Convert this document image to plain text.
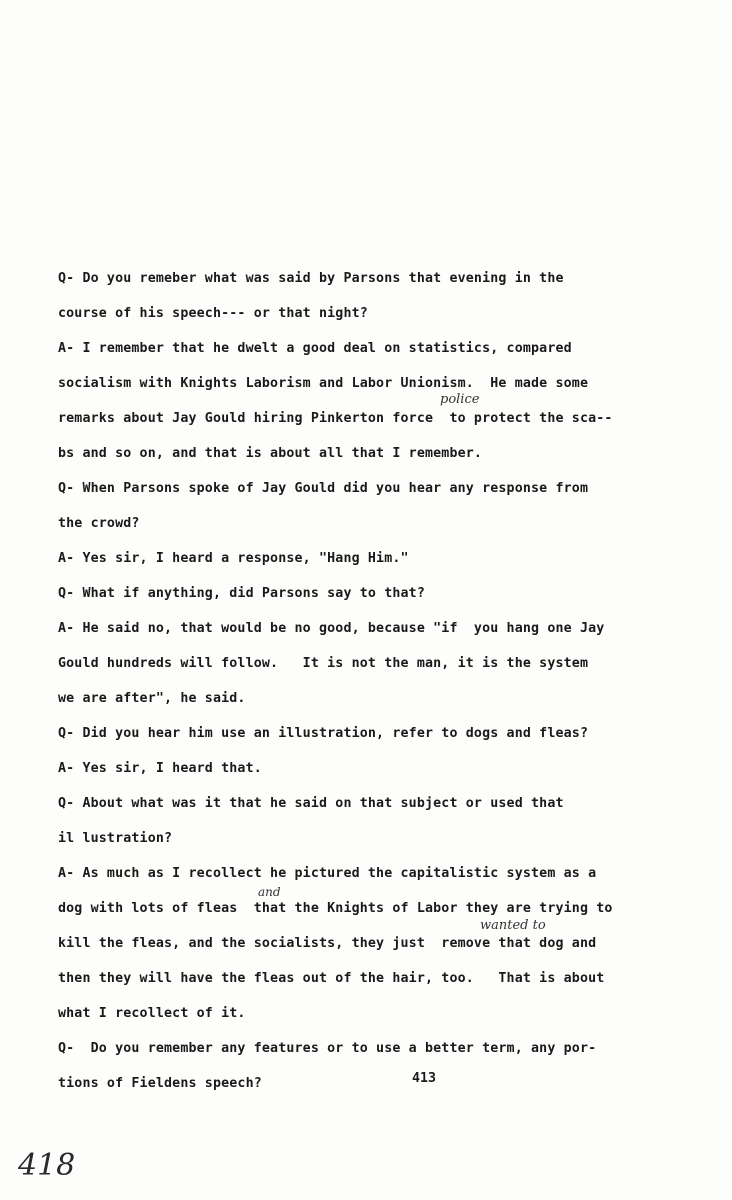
Q- Do you remeber what was said by Parsons that evening in the

course of his speech--- or that night?

A- I remember that he dwelt a good deal on statistics, compared

socialism with Knights Laborism and Labor Unionism.  He made some

police

remarks about Jay Gould hiring Pinkerton force  to protect the sca--

bs and so on, and that is about all that I remember.

Q- When Parsons spoke of Jay Gould did you hear any response from

the crowd?

A- Yes sir, I heard a response, "Hang Him."

Q- What if anything, did Parsons say to that?

A- He said no, that would be no good, because "if  you hang one Jay

Gould hundreds will follow.   It is not the man, it is the system

we are after", he said.

Q- Did you hear him use an illustration, refer to dogs and fleas?

A- Yes sir, I heard that.

Q- About what was it that he said on that subject or used that

il lustration?

A- As much as I recollect he pictured the capitalistic system as a

and

dog with lots of fleas  that the Knights of Labor they are trying to

wanted to

kill the fleas, and the socialists, they just  remove that dog and

then they will have the fleas out of the hair, too.   That is about

what I recollect of it.

Q-  Do you remember any features or to use a better term, any por-

tions of Fieldens speech?	413
418
